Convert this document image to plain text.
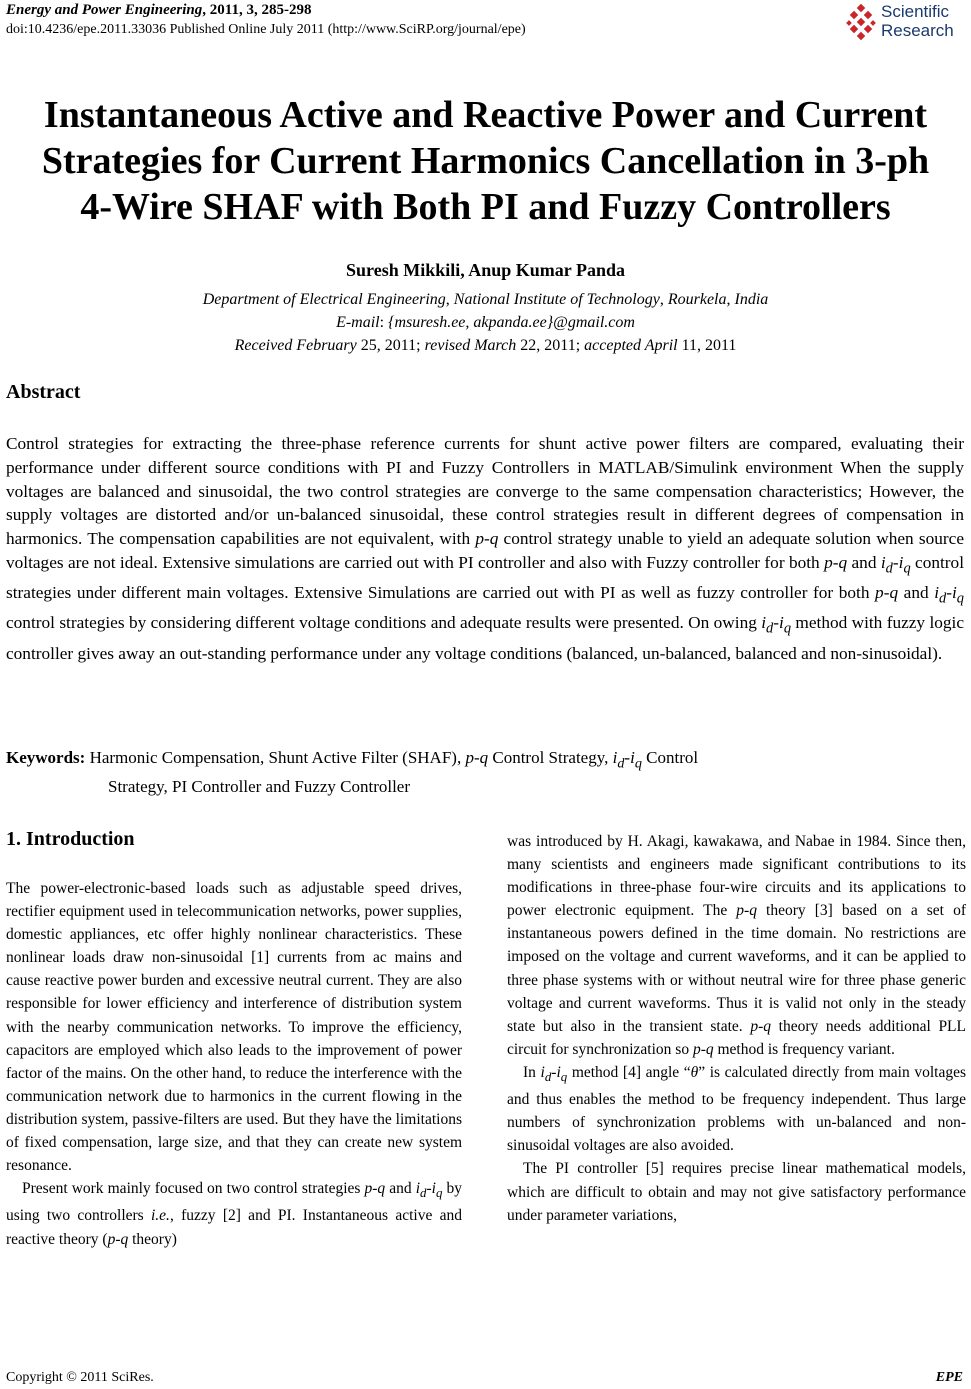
Energy and Power Engineering, 2011, 3, 285-298
doi:10.4236/epe.2011.33036 Published Online July 2011 (http://www.SciRP.org/journal/epe)
Scientific
Research
Instantaneous Active and Reactive Power and Current
Strategies for Current Harmonics Cancellation in 3-ph
4-Wire SHAF with Both PI and Fuzzy Controllers
Suresh Mikkili, Anup Kumar Panda
Department of Electrical Engineering, National Institute of Technology, Rourkela, India
E-mail: {msuresh.ee, akpanda.ee}@gmail.com
Received February 25, 2011; revised March 22, 2011; accepted April 11, 2011
Abstract
Control strategies for extracting the three-phase reference currents for shunt active power filters are compared, evaluating their performance under different source conditions with PI and Fuzzy Controllers in MATLAB/Simulink environment When the supply voltages are balanced and sinusoidal, the two control strategies are converge to the same compensation characteristics; However, the supply voltages are distorted and/or un-balanced sinusoidal, these control strategies result in different degrees of compensation in harmonics. The compensation capabilities are not equivalent, with p-q control strategy unable to yield an adequate solution when source voltages are not ideal. Extensive simulations are carried out with PI controller and also with Fuzzy controller for both p-q and $i_d-i_q$ control strategies under different main voltages. Extensive Simulations are carried out with PI as well as fuzzy controller for both p-q and $i_d-i_q$ control strategies by considering different voltage conditions and adequate results were presented. On owing $i_d-i_q$ method with fuzzy logic controller gives away an out-standing performance under any voltage conditions (balanced, un-balanced, balanced and non-sinusoidal).
Keywords: Harmonic Compensation, Shunt Active Filter (SHAF), p-q Control Strategy, $i_d-i_q$ Control
Strategy, PI Controller and Fuzzy Controller
1. Introduction

The power-electronic-based loads such as adjustable speed drives, rectifier equipment used in telecommunication networks, power supplies, domestic appliances, etc offer highly nonlinear characteristics. These nonlinear loads draw non-sinusoidal [1] currents from ac mains and cause reactive power burden and excessive neutral current. They are also responsible for lower efficiency and interference of distribution system with the nearby communication networks. To improve the efficiency, capacitors are employed which also leads to the improvement of power factor of the mains. On the other hand, to reduce the interference with the communication network due to harmonics in the current flowing in the distribution system, passive-filters are used. But they have the limitations of fixed compensation, large size, and that they can create new system resonance.

Present work mainly focused on two control strategies p-q and $i_d-i_q$ by using two controllers i.e., fuzzy [2] and PI. Instantaneous active and reactive theory (p-q theory)

was introduced by H. Akagi, kawakawa, and Nabae in 1984. Since then, many scientists and engineers made significant contributions to its modifications in three-phase four-wire circuits and its applications to power electronic equipment. The p-q theory [3] based on a set of instantaneous powers defined in the time domain. No restrictions are imposed on the voltage and current waveforms, and it can be applied to three phase systems with or without neutral wire for three phase generic voltage and current waveforms. Thus it is valid not only in the steady state but also in the transient state. p-q theory needs additional PLL circuit for synchronization so p-q method is frequency variant.

In $i_d-i_q$ method [4] angle “θ” is calculated directly from main voltages and thus enables the method to be frequency independent. Thus large numbers of synchronization problems with un-balanced and non-sinusoidal voltages are also avoided.

The PI controller [5] requires precise linear mathematical models, which are difficult to obtain and may not give satisfactory performance under parameter variations,

Copyright © 2011 SciRes.	EPE
